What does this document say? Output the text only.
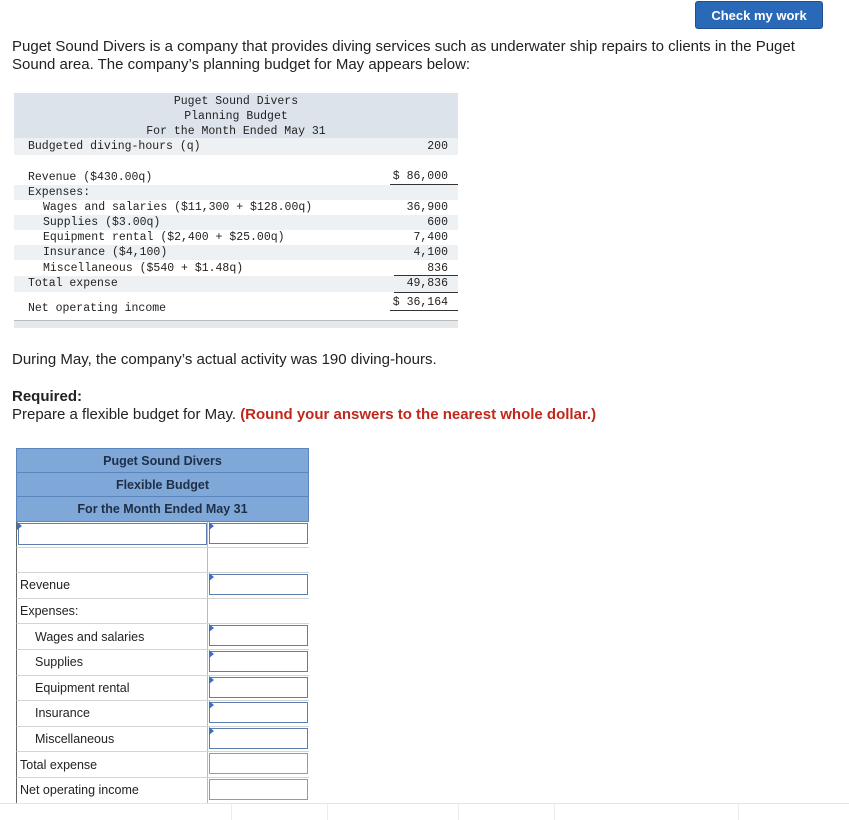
Check my work
Puget Sound Divers is a company that provides diving services such as underwater ship repairs to clients in the Puget Sound area. The company’s planning budget for May appears below:
Puget Sound Divers
Planning Budget
For the Month Ended May 31
Budgeted diving-hours (q)	200
Revenue ($430.00q)	$ 86,000
Expenses:
Wages and salaries ($11,300 + $128.00q)	36,900
Supplies ($3.00q)	600
Equipment rental ($2,400 + $25.00q)	7,400
Insurance ($4,100)	4,100
Miscellaneous ($540 + $1.48q)	836
Total expense	49,836
Net operating income	$ 36,164
During May, the company’s actual activity was 190 diving-hours.
Required:
Prepare a flexible budget for May. (Round your answers to the nearest whole dollar.)
Puget Sound Divers
Flexible Budget
For the Month Ended May 31
Revenue
Expenses:
Wages and salaries
Supplies
Equipment rental
Insurance
Miscellaneous
Total expense
Net operating income
